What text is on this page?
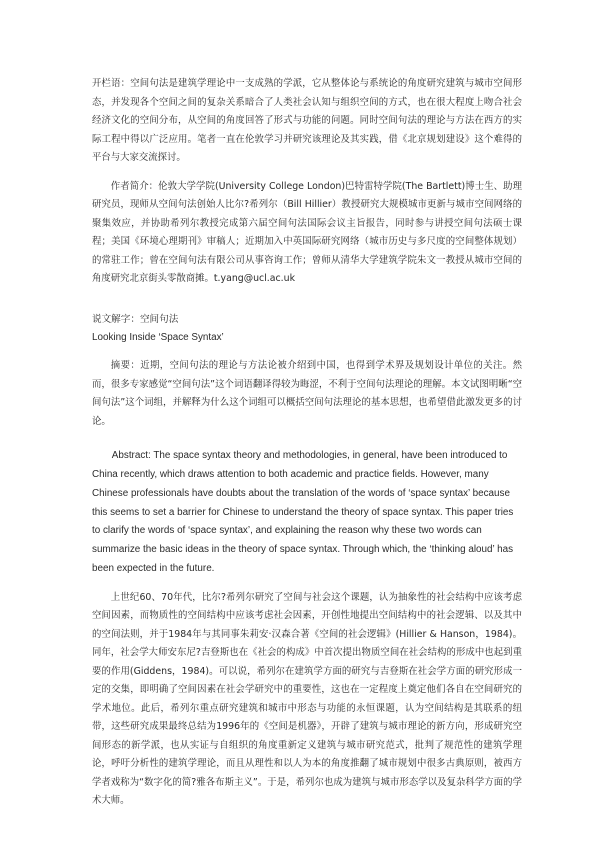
开栏语：空间句法是建筑学理论中一支成熟的学派，它从整体论与系统论的角度研究建筑与城市空间形态，并发现各个空间之间的复杂关系暗合了人类社会认知与组织空间的方式，也在很大程度上吻合社会经济文化的空间分布，从空间的角度回答了形式与功能的问题。同时空间句法的理论与方法在西方的实际工程中得以广泛应用。笔者一直在伦敦学习并研究该理论及其实践，借《北京规划建设》这个难得的平台与大家交流探讨。

作者简介：伦敦大学学院(University College London)巴特雷特学院(The Bartlett)博士生、助理研究员，现师从空间句法创始人比尔?希列尔（Bill Hillier）教授研究大规模城市更新与城市空间网络的聚集效应，并协助希列尔教授完成第六届空间句法国际会议主旨报告，同时参与讲授空间句法硕士课程；美国《环境心理期刊》审稿人；近期加入中英国际研究网络（城市历史与多尺度的空间整体规划）的常驻工作；曾在空间句法有限公司从事咨询工作；曾师从清华大学建筑学院朱文一教授从城市空间的角度研究北京街头零散商摊。t.yang@ucl.ac.uk

说文解字：空间句法

Looking Inside ‘Space Syntax’

摘要：近期，空间句法的理论与方法论被介绍到中国，也得到学术界及规划设计单位的关注。然而，很多专家感觉“空间句法”这个词语翻译得较为晦涩，不利于空间句法理论的理解。本文试图明晰“空间句法”这个词组，并解释为什么这个词组可以概括空间句法理论的基本思想，也希望借此激发更多的讨论。

Abstract: The space syntax theory and methodologies, in general, have been introduced to China recently, which draws attention to both academic and practice fields. However, many Chinese professionals have doubts about the translation of the words of ‘space syntax’ because this seems to set a barrier for Chinese to understand the theory of space syntax. This paper tries to clarify the words of ‘space syntax’, and explaining the reason why these two words can summarize the basic ideas in the theory of space syntax. Through which, the ‘thinking aloud’ has been expected in the future.

上世纪60、70年代，比尔?希列尔研究了空间与社会这个课题，认为抽象性的社会结构中应该考虑空间因素，而物质性的空间结构中应该考虑社会因素，开创性地提出空间结构中的社会逻辑、以及其中的空间法则，并于1984年与其同事朱莉安·汉森合著《空间的社会逻辑》(Hillier & Hanson，1984)。同年，社会学大师安东尼?吉登斯也在《社会的构成》中首次提出物质空间在社会结构的形成中也起到重要的作用(Giddens，1984)。可以说，希列尔在建筑学方面的研究与吉登斯在社会学方面的研究形成一定的交集，即明确了空间因素在社会学研究中的重要性，这也在一定程度上奠定他们各自在空间研究的学术地位。此后，希列尔重点研究建筑和城市中形态与功能的永恒课题，认为空间结构是其联系的纽带，这些研究成果最终总结为1996年的《空间是机器》，开辟了建筑与城市理论的新方向，形成研究空间形态的新学派，也从实证与自组织的角度重新定义建筑与城市研究范式，批判了规范性的建筑学理论，呼吁分析性的建筑学理论，而且从理性和以人为本的角度推翻了城市规划中很多古典原则，被西方学者戏称为“数字化的简?雅各布斯主义”。于是，希列尔也成为建筑与城市形态学以及复杂科学方面的学术大师。
